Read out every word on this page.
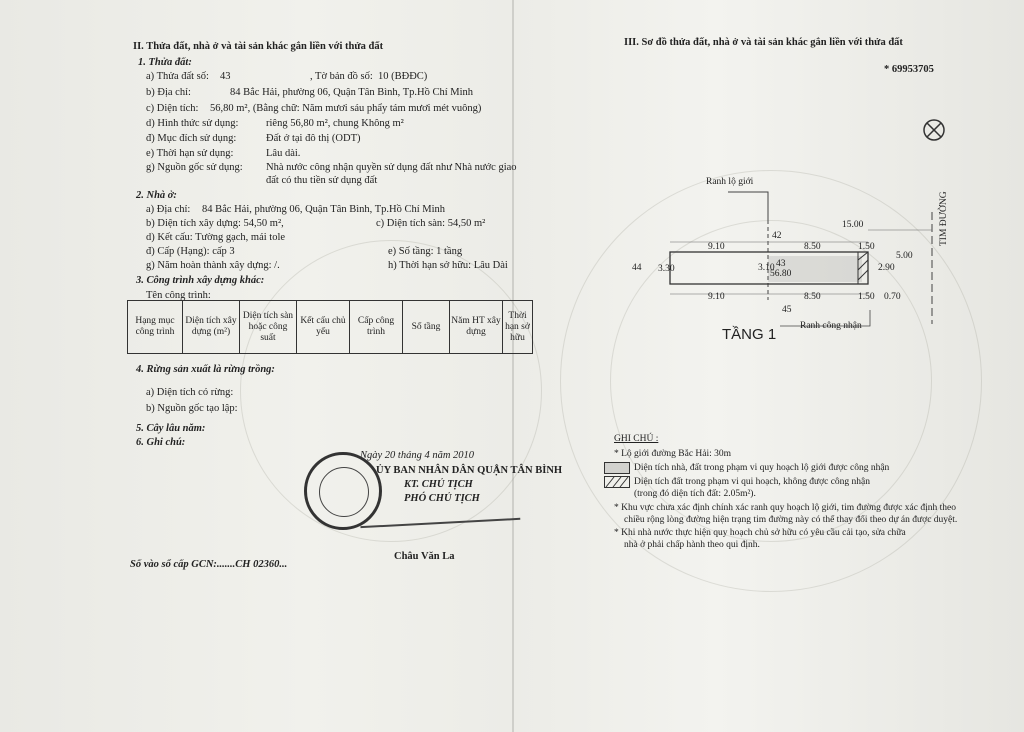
II. Thửa đất, nhà ở và tài sản khác gắn liền với thửa đất
1. Thửa đất:
a) Thửa đất số: 43	, Tờ bản đồ số: 10 (BĐĐC)
b) Địa chỉ:	84 Bắc Hải, phường 06, Quận Tân Bình, Tp.Hồ Chí Minh
c) Diện tích: 56,80 m², (Bằng chữ: Năm mươi sáu phẩy tám mươi mét vuông)
d) Hình thức sử dụng:	riêng 56,80 m², chung Không m²
đ) Mục đích sử dụng:	Đất ở tại đô thị (ODT)
e) Thời hạn sử dụng:	Lâu dài.
g) Nguồn gốc sử dụng: Nhà nước công nhận quyền sử dụng đất như Nhà nước giao
đất có thu tiền sử dụng đất
2. Nhà ở:
a) Địa chỉ: 84 Bắc Hải, phường 06, Quận Tân Bình, Tp.Hồ Chí Minh
b) Diện tích xây dựng: 54,50 m²,	c) Diện tích sàn: 54,50 m²
d) Kết cấu: Tường gạch, mái tole
đ) Cấp (Hạng): cấp 3	e) Số tầng: 1 tầng
g) Năm hoàn thành xây dựng: /.	h) Thời hạn sở hữu: Lâu Dài
3. Công trình xây dựng khác:
Tên công trình:
Hạng mục công trình	Diện tích xây dựng (m²)	Diện tích sàn hoặc công suất	Kết cấu chủ yếu	Cấp công trình	Số tầng	Năm HT xây dựng	Thời hạn sở hữu
4. Rừng sản xuất là rừng trồng:
a) Diện tích có rừng:
b) Nguồn gốc tạo lập:
5. Cây lâu năm:
6. Ghi chú:
Ngày 20 tháng 4 năm 2010
ỦY BAN NHÂN DÂN QUẬN TÂN BÌNH
KT. CHỦ TỊCH
PHÓ CHỦ TỊCH
Châu Văn La
Số vào sổ cấp GCN:.......CH 02360...
III. Sơ đồ thửa đất, nhà ở và tài sản khác gắn liền với thửa đất
* 69953705
Ranh lộ giới
15.00
42
9.10	8.50	1.50
5.00
44 3.30	3.10 43
56.80
2.90
9.10	8.50	1.50 0.70
45
Ranh công nhận
TIM ĐƯỜNG
TẦNG 1
GHI CHÚ :
* Lộ giới đường Bắc Hải: 30m
Diện tích nhà, đất trong phạm vi quy hoạch lộ giới được công nhận
Diện tích đất trong phạm vi qui hoạch, không được công nhận
(trong đó diện tích đất: 2.05m²).
* Khu vực chưa xác định chính xác ranh quy hoạch lộ giới, tim đường được xác định theo
chiều rộng lòng đường hiện trạng tim đường này có thể thay đổi theo dự án được duyệt.
* Khi nhà nước thực hiện quy hoạch chủ sở hữu có yêu cầu cải tạo, sửa chữa
nhà ở phải chấp hành theo qui định.
